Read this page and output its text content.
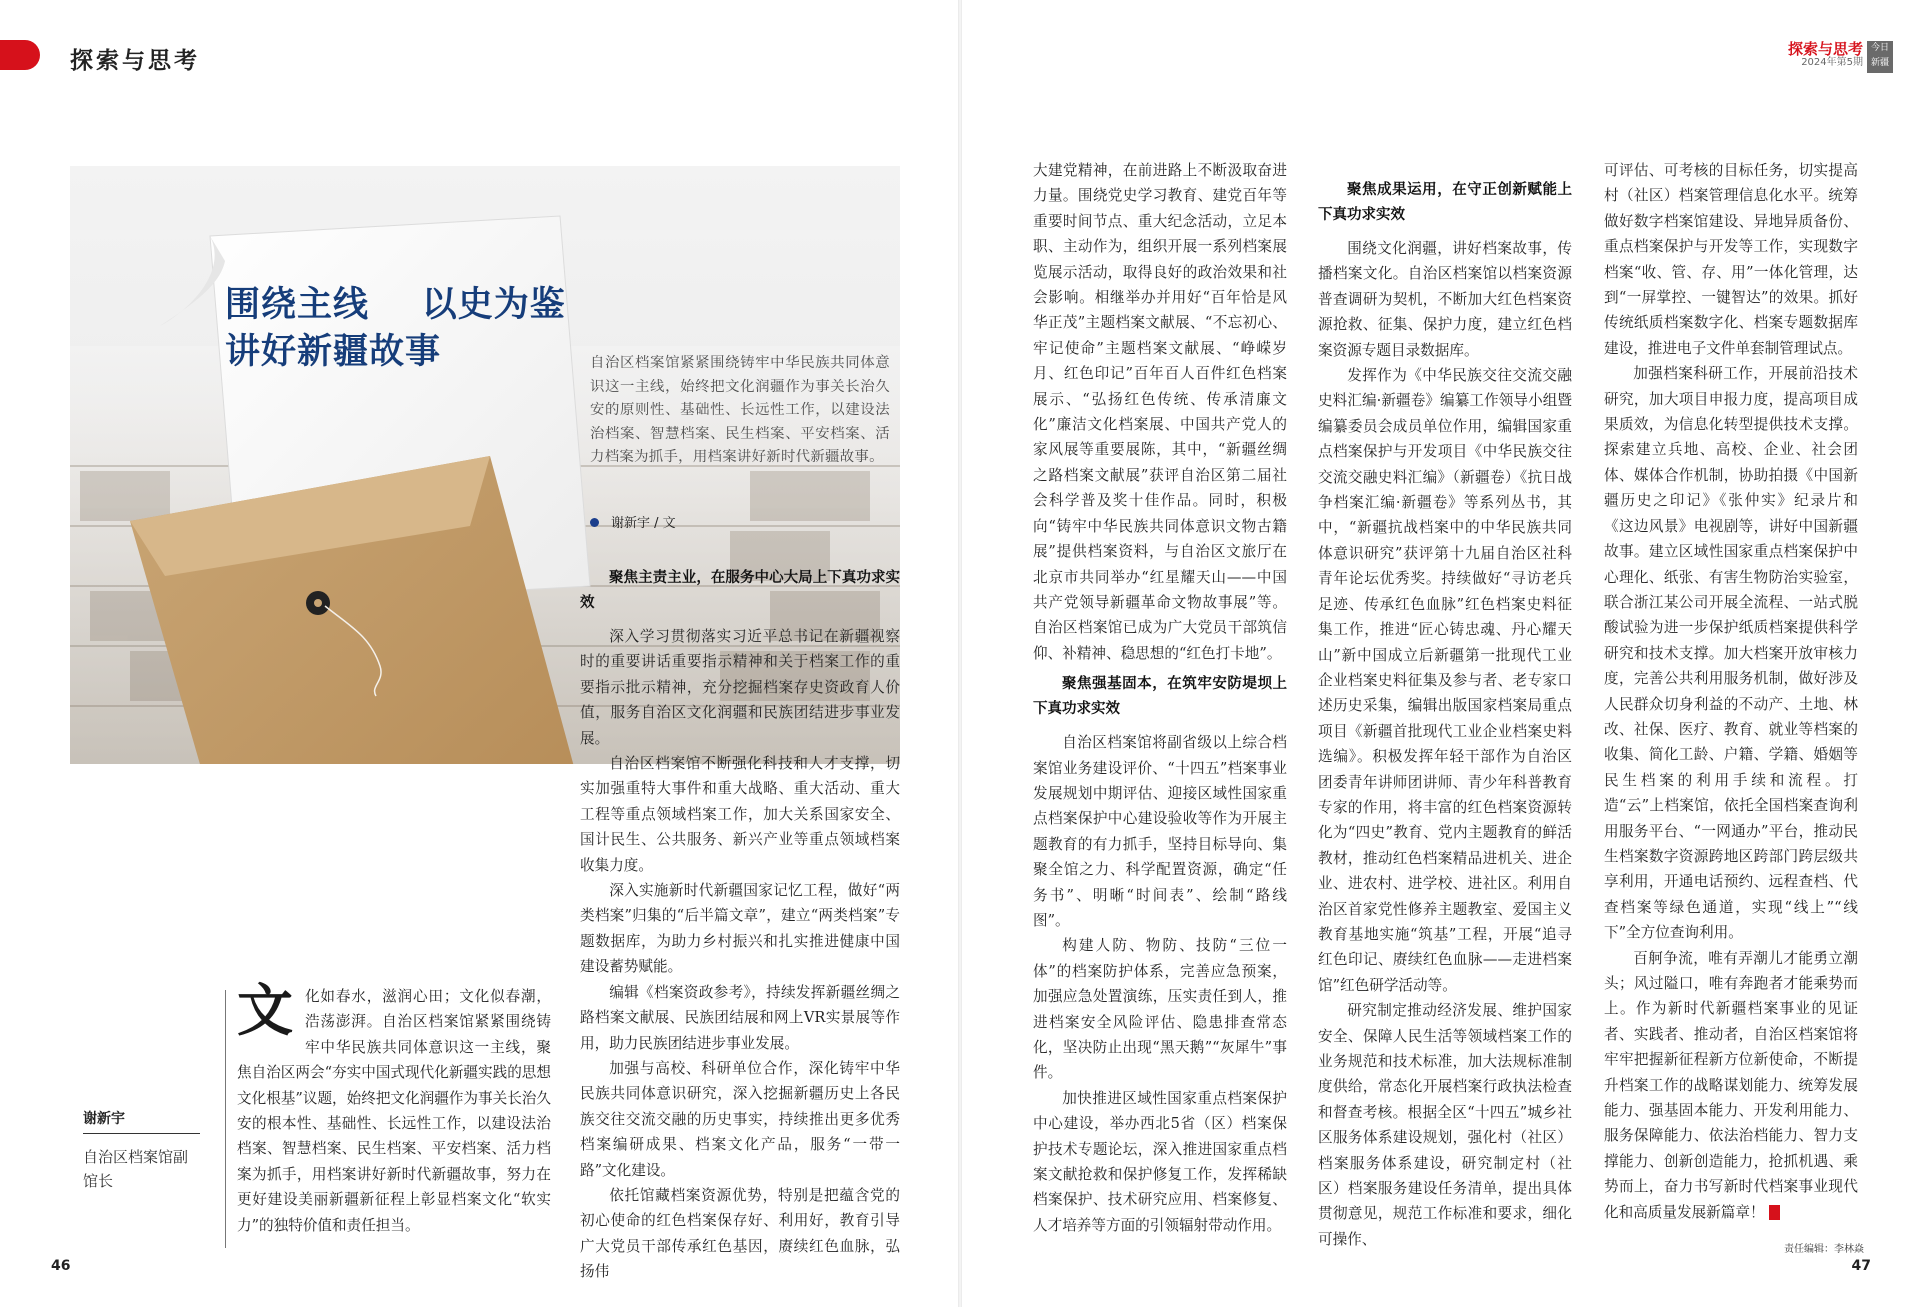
探索与思考	探索与思考
2024年第5期
今日新疆
围绕主线    以史为鉴
讲好新疆故事	自治区档案馆紧紧围绕铸牢中华民族共同体意识这一主线，始终把文化润疆作为事关长治久安的原则性、基础性、长远性工作，以建设法治档案、智慧档案、民生档案、平安档案、活力档案为抓手，用档案讲好新时代新疆故事。
谢新宇 / 文
文 化如春水，滋润心田；文化似春潮，浩荡澎湃。自治区档案馆紧紧围绕铸牢中华民族共同体意识这一主线，聚焦自治区两会“夯实中国式现代化新疆实践的思想文化根基”议题，始终把文化润疆作为事关长治久安的根本性、基础性、长远性工作，以建设法治档案、智慧档案、民生档案、平安档案、活力档案为抓手，用档案讲好新时代新疆故事，努力在更好建设美丽新疆新征程上彰显档案文化“软实力”的独特价值和责任担当。
谢新宇
自治区档案馆副馆长
聚焦主责主业，在服务中心大局上下真功求实效

深入学习贯彻落实习近平总书记在新疆视察时的重要讲话重要指示精神和关于档案工作的重要指示批示精神，充分挖掘档案存史资政育人价值，服务自治区文化润疆和民族团结进步事业发展。

自治区档案馆不断强化科技和人才支撑，切实加强重特大事件和重大战略、重大活动、重大工程等重点领域档案工作，加大关系国家安全、国计民生、公共服务、新兴产业等重点领域档案收集力度。

深入实施新时代新疆国家记忆工程，做好“两类档案”归集的“后半篇文章”，建立“两类档案”专题数据库，为助力乡村振兴和扎实推进健康中国建设蓄势赋能。

编辑《档案资政参考》，持续发挥新疆丝绸之路档案文献展、民族团结展和网上VR实景展等作用，助力民族团结进步事业发展。

加强与高校、科研单位合作，深化铸牢中华民族共同体意识研究，深入挖掘新疆历史上各民族交往交流交融的历史事实，持续推出更多优秀档案编研成果、档案文化产品，服务“一带一路”文化建设。

依托馆藏档案资源优势，特别是把蕴含党的初心使命的红色档案保存好、利用好，教育引导广大党员干部传承红色基因，赓续红色血脉，弘扬伟

大建党精神，在前进路上不断汲取奋进力量。围绕党史学习教育、建党百年等重要时间节点、重大纪念活动，立足本职、主动作为，组织开展一系列档案展览展示活动，取得良好的政治效果和社会影响。相继举办并用好“百年恰是风华正茂”主题档案文献展、“不忘初心、牢记使命”主题档案文献展、“峥嵘岁月、红色印记”百年百人百件红色档案展示、“弘扬红色传统、传承清廉文化”廉洁文化档案展、中国共产党人的家风展等重要展陈，其中，“新疆丝绸之路档案文献展”获评自治区第二届社会科学普及奖十佳作品。同时，积极向“铸牢中华民族共同体意识文物古籍展”提供档案资料，与自治区文旅厅在北京市共同举办“红星耀天山——中国共产党领导新疆革命文物故事展”等。自治区档案馆已成为广大党员干部筑信仰、补精神、稳思想的“红色打卡地”。

聚焦强基固本，在筑牢安防堤坝上下真功求实效

自治区档案馆将副省级以上综合档案馆业务建设评价、“十四五”档案事业发展规划中期评估、迎接区域性国家重点档案保护中心建设验收等作为开展主题教育的有力抓手，坚持目标导向、集聚全馆之力、科学配置资源，确定“任务书”、明晰“时间表”、绘制“路线图”。

构建人防、物防、技防“三位一体”的档案防护体系，完善应急预案，加强应急处置演练，压实责任到人，推进档案安全风险评估、隐患排查常态化，坚决防止出现“黑天鹅”“灰犀牛”事件。

加快推进区域性国家重点档案保护中心建设，举办西北5省（区）档案保护技术专题论坛，深入推进国家重点档案文献抢救和保护修复工作，发挥稀缺档案保护、技术研究应用、档案修复、人才培养等方面的引领辐射带动作用。

聚焦成果运用，在守正创新赋能上下真功求实效

围绕文化润疆，讲好档案故事，传播档案文化。自治区档案馆以档案资源普查调研为契机，不断加大红色档案资源抢救、征集、保护力度，建立红色档案资源专题目录数据库。

发挥作为《中华民族交往交流交融史料汇编·新疆卷》编纂工作领导小组暨编纂委员会成员单位作用，编辑国家重点档案保护与开发项目《中华民族交往交流交融史料汇编》（新疆卷）《抗日战争档案汇编·新疆卷》等系列丛书，其中，“新疆抗战档案中的中华民族共同体意识研究”获评第十九届自治区社科青年论坛优秀奖。持续做好“寻访老兵足迹、传承红色血脉”红色档案史料征集工作，推进“匠心铸忠魂、丹心耀天山”新中国成立后新疆第一批现代工业企业档案史料征集及参与者、老专家口述历史采集，编辑出版国家档案局重点项目《新疆首批现代工业企业档案史料选编》。积极发挥年轻干部作为自治区团委青年讲师团讲师、青少年科普教育专家的作用，将丰富的红色档案资源转化为“四史”教育、党内主题教育的鲜活教材，推动红色档案精品进机关、进企业、进农村、进学校、进社区。利用自治区首家党性修养主题教室、爱国主义教育基地实施“筑基”工程，开展“追寻红色印记、赓续红色血脉——走进档案馆”红色研学活动等。

研究制定推动经济发展、维护国家安全、保障人民生活等领域档案工作的业务规范和技术标准，加大法规标准制度供给，常态化开展档案行政执法检查和督查考核。根据全区“十四五”城乡社区服务体系建设规划，强化村（社区）档案服务体系建设，研究制定村（社区）档案服务建设任务清单，提出具体贯彻意见，规范工作标准和要求，细化可操作、

可评估、可考核的目标任务，切实提高村（社区）档案管理信息化水平。统筹做好数字档案馆建设、异地异质备份、重点档案保护与开发等工作，实现数字档案“收、管、存、用”一体化管理，达到“一屏掌控、一键智达”的效果。抓好传统纸质档案数字化、档案专题数据库建设，推进电子文件单套制管理试点。

加强档案科研工作，开展前沿技术研究，加大项目申报力度，提高项目成果质效，为信息化转型提供技术支撑。探索建立兵地、高校、企业、社会团体、媒体合作机制，协助拍摄《中国新疆历史之印记》《张仲实》纪录片和《这边风景》电视剧等，讲好中国新疆故事。建立区域性国家重点档案保护中心理化、纸张、有害生物防治实验室，联合浙江某公司开展全流程、一站式脱酸试验为进一步保护纸质档案提供科学研究和技术支撑。加大档案开放审核力度，完善公共利用服务机制，做好涉及人民群众切身利益的不动产、土地、林改、社保、医疗、教育、就业等档案的收集、简化工龄、户籍、学籍、婚姻等民生档案的利用手续和流程。打造“云”上档案馆，依托全国档案查询利用服务平台、“一网通办”平台，推动民生档案数字资源跨地区跨部门跨层级共享利用，开通电话预约、远程查档、代查档案等绿色通道，实现“线上”“线下”全方位查询利用。

百舸争流，唯有弄潮儿才能勇立潮头；风过隘口，唯有奔跑者才能乘势而上。作为新时代新疆档案事业的见证者、实践者、推动者，自治区档案馆将牢牢把握新征程新方位新使命，不断提升档案工作的战略谋划能力、统筹发展能力、强基固本能力、开发利用能力、服务保障能力、依法治档能力、智力支撑能力、创新创造能力，抢抓机遇、乘势而上，奋力书写新时代档案事业现代化和高质量发展新篇章！	∫

46	47
责任编辑：李林焱
